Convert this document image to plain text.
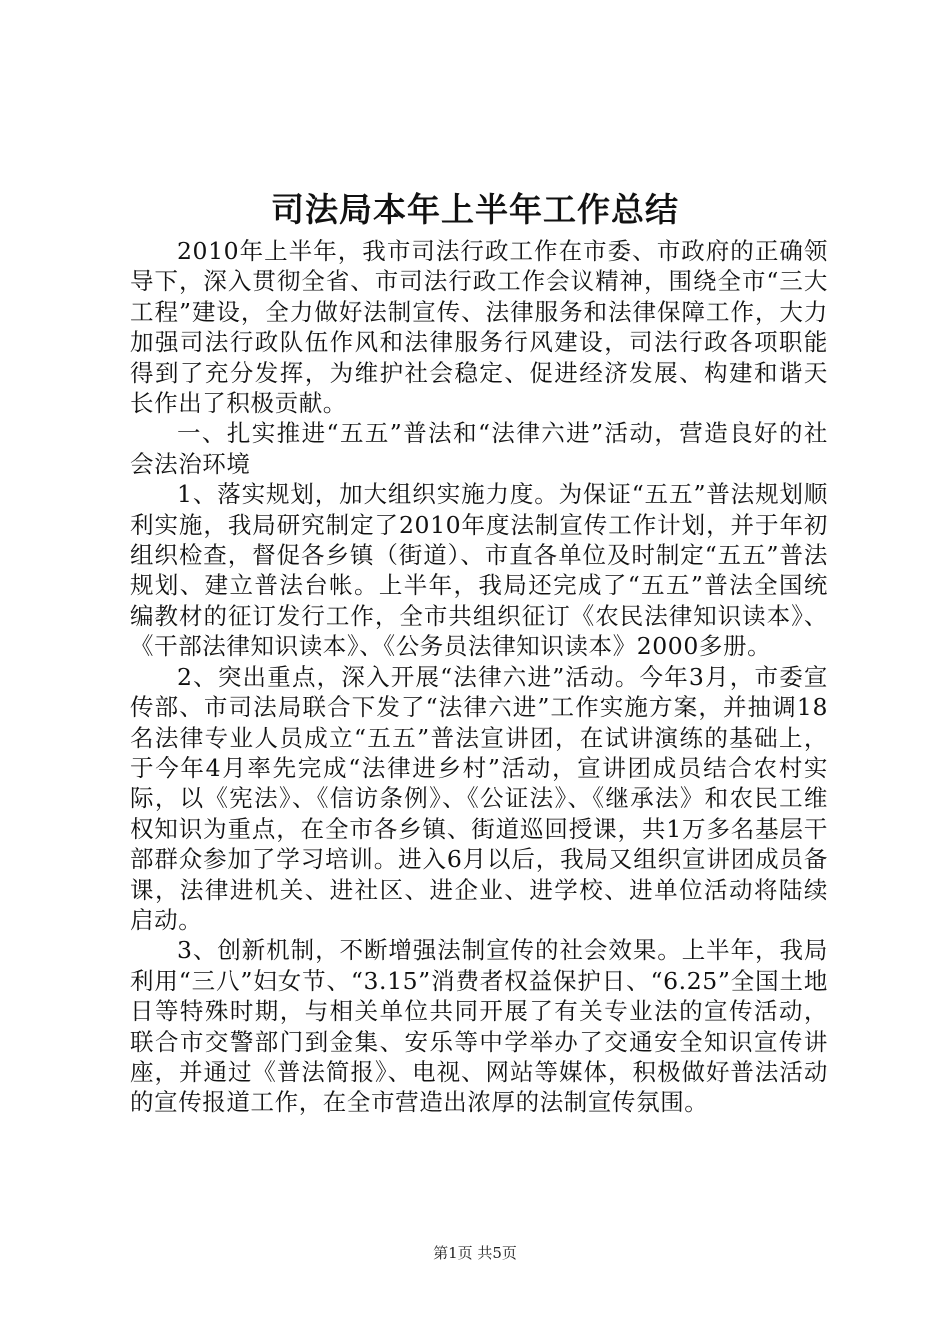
司法局本年上半年工作总结

2010年上半年，我市司法行政工作在市委、市政府的正确领导下，深入贯彻全省、市司法行政工作会议精神，围绕全市“三大工程”建设，全力做好法制宣传、法律服务和法律保障工作，大力加强司法行政队伍作风和法律服务行风建设，司法行政各项职能得到了充分发挥，为维护社会稳定、促进经济发展、构建和谐天长作出了积极贡献。

一、扎实推进“五五”普法和“法律六进”活动，营造良好的社会法治环境

1、落实规划，加大组织实施力度。为保证“五五”普法规划顺利实施，我局研究制定了2010年度法制宣传工作计划，并于年初组织检查，督促各乡镇（街道）、市直各单位及时制定“五五”普法规划、建立普法台帐。上半年，我局还完成了“五五”普法全国统编教材的征订发行工作，全市共组织征订《农民法律知识读本》、《干部法律知识读本》、《公务员法律知识读本》2000多册。

2、突出重点，深入开展“法律六进”活动。今年3月，市委宣传部、市司法局联合下发了“法律六进”工作实施方案，并抽调18名法律专业人员成立“五五”普法宣讲团，在试讲演练的基础上，于今年4月率先完成“法律进乡村”活动，宣讲团成员结合农村实际，以《宪法》、《信访条例》、《公证法》、《继承法》和农民工维权知识为重点，在全市各乡镇、街道巡回授课，共1万多名基层干部群众参加了学习培训。进入6月以后，我局又组织宣讲团成员备课，法律进机关、进社区、进企业、进学校、进单位活动将陆续启动。

3、创新机制，不断增强法制宣传的社会效果。上半年，我局利用“三八”妇女节、“3.15”消费者权益保护日、“6.25”全国土地日等特殊时期，与相关单位共同开展了有关专业法的宣传活动，联合市交警部门到金集、安乐等中学举办了交通安全知识宣传讲座，并通过《普法简报》、电视、网站等媒体，积极做好普法活动的宣传报道工作，在全市营造出浓厚的法制宣传氛围。

第1页 共5页
